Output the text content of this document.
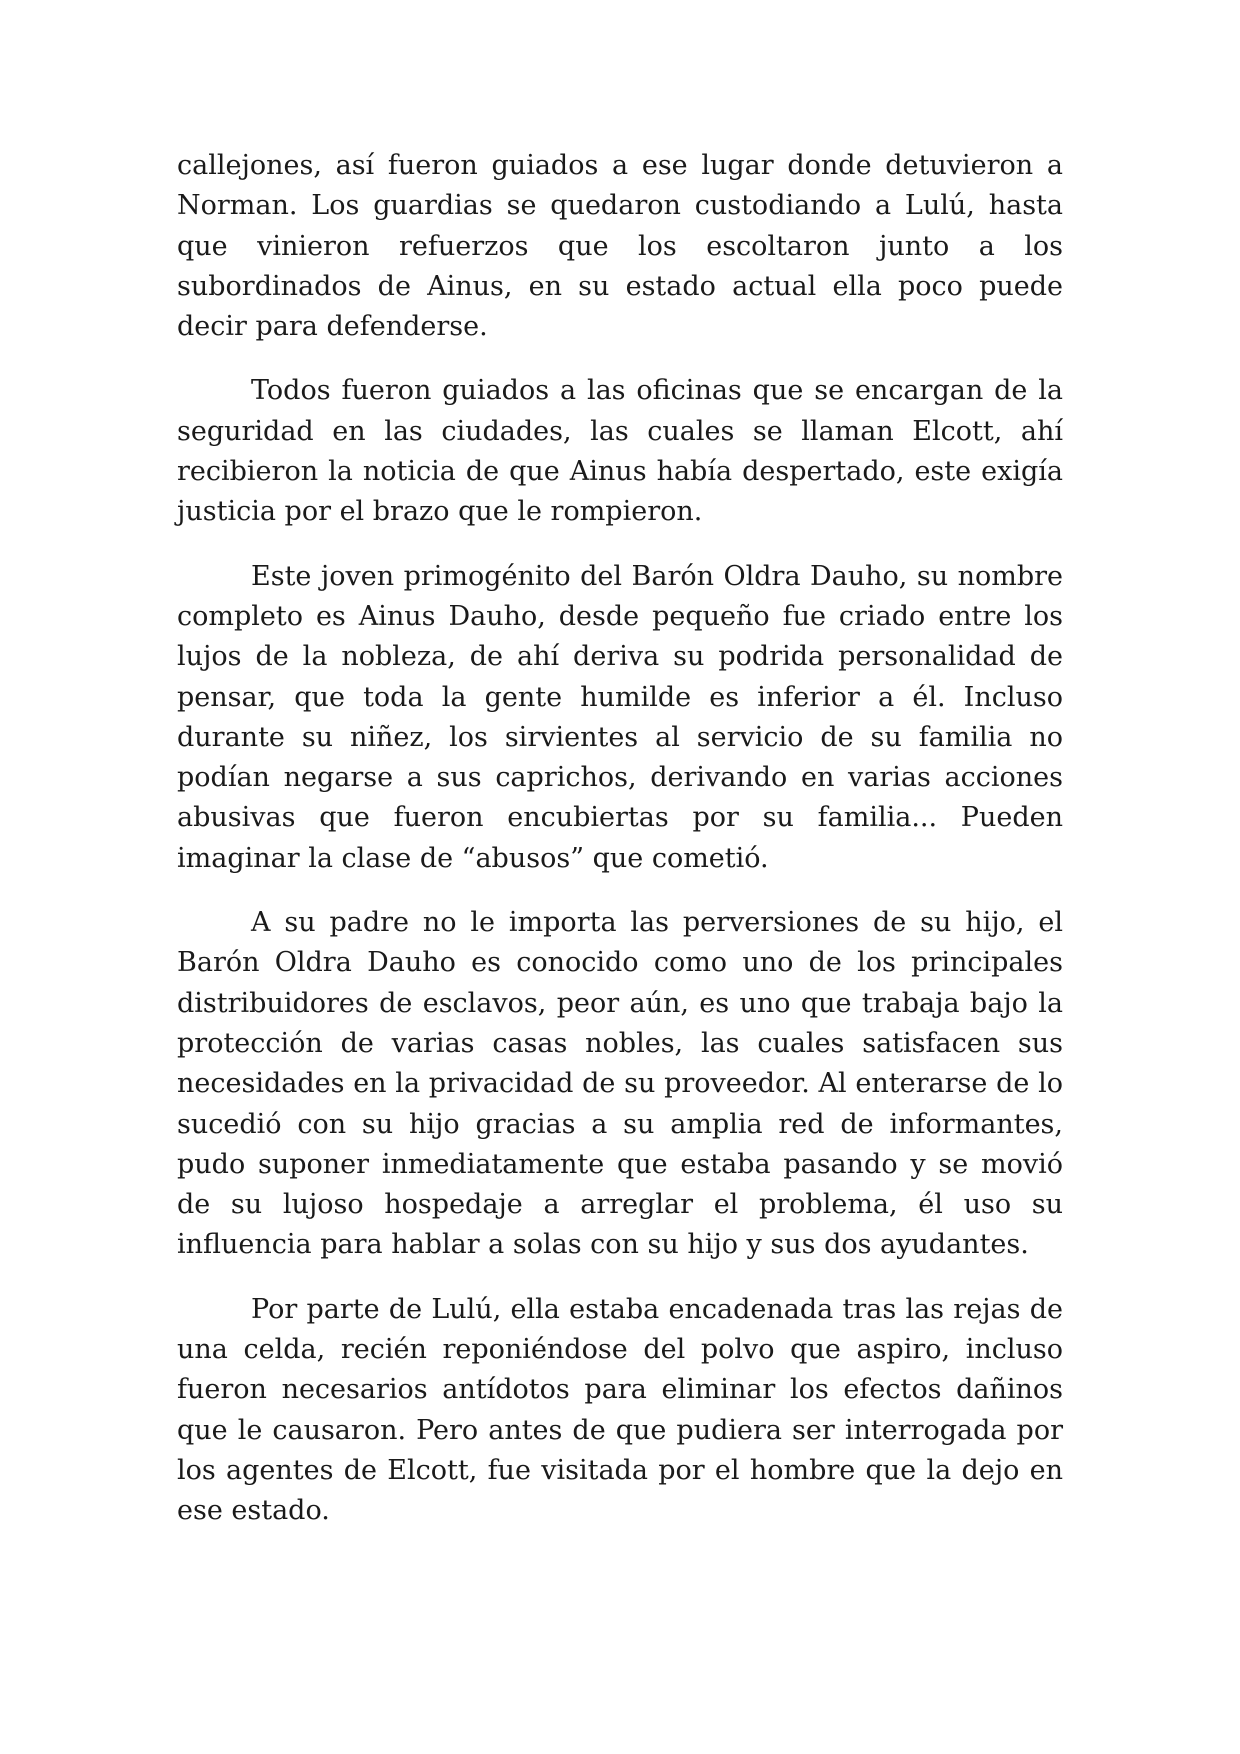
callejones, así fueron guiados a ese lugar donde detuvieron a Norman. Los guardias se quedaron custodiando a Lulú, hasta que vinieron refuerzos que los escoltaron junto a los subordinados de Ainus, en su estado actual ella poco puede decir para defenderse.

Todos fueron guiados a las oficinas que se encargan de la seguridad en las ciudades, las cuales se llaman Elcott, ahí recibieron la noticia de que Ainus había despertado, este exigía justicia por el brazo que le rompieron.

Este joven primogénito del Barón Oldra Dauho, su nombre completo es Ainus Dauho, desde pequeño fue criado entre los lujos de la nobleza, de ahí deriva su podrida personalidad de pensar, que toda la gente humilde es inferior a él. Incluso durante su niñez, los sirvientes al servicio de su familia no podían negarse a sus caprichos, derivando en varias acciones abusivas que fueron encubiertas por su familia... Pueden imaginar la clase de “abusos” que cometió.

A su padre no le importa las perversiones de su hijo, el Barón Oldra Dauho es conocido como uno de los principales distribuidores de esclavos, peor aún, es uno que trabaja bajo la protección de varias casas nobles, las cuales satisfacen sus necesidades en la privacidad de su proveedor. Al enterarse de lo sucedió con su hijo gracias a su amplia red de informantes, pudo suponer inmediatamente que estaba pasando y se movió de su lujoso hospedaje a arreglar el problema, él uso su influencia para hablar a solas con su hijo y sus dos ayudantes.

Por parte de Lulú, ella estaba encadenada tras las rejas de una celda, recién reponiéndose del polvo que aspiro, incluso fueron necesarios antídotos para eliminar los efectos dañinos que le causaron. Pero antes de que pudiera ser interrogada por los agentes de Elcott, fue visitada por el hombre que la dejo en ese estado.
